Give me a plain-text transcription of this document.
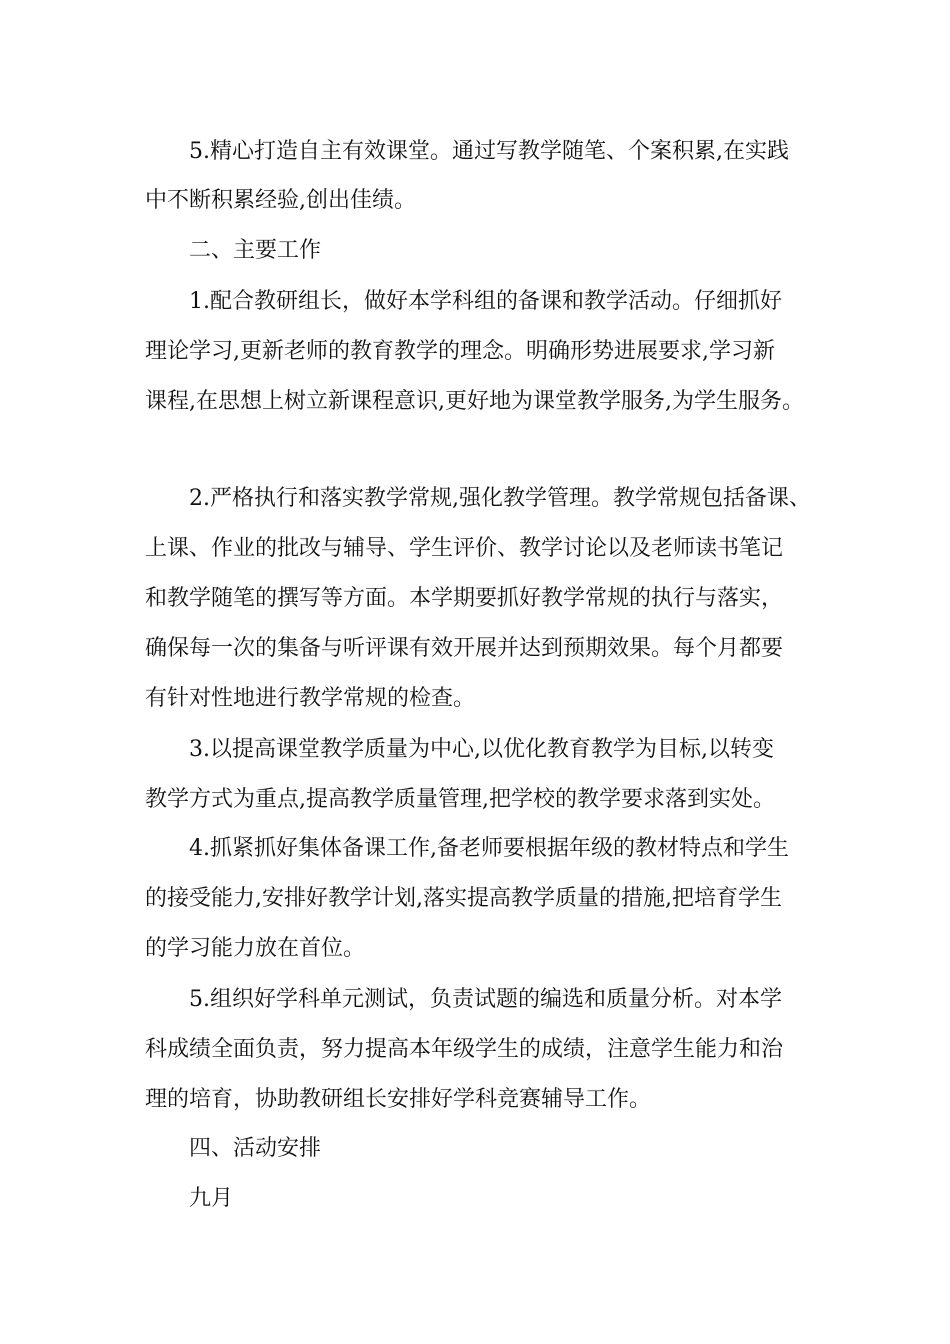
5.精心打造自主有效课堂。通过写教学随笔、个案积累,在实践
中不断积累经验,创出佳绩。
二、主要工作
1.配合教研组长，做好本学科组的备课和教学活动。仔细抓好
理论学习,更新老师的教育教学的理念。明确形势进展要求,学习新
课程,在思想上树立新课程意识,更好地为课堂教学服务,为学生服务。
2.严格执行和落实教学常规,强化教学管理。教学常规包括备课、
上课、作业的批改与辅导、学生评价、教学讨论以及老师读书笔记
和教学随笔的撰写等方面。本学期要抓好教学常规的执行与落实，
确保每一次的集备与听评课有效开展并达到预期效果。每个月都要
有针对性地进行教学常规的检查。
3.以提高课堂教学质量为中心,以优化教育教学为目标,以转变
教学方式为重点,提高教学质量管理,把学校的教学要求落到实处。
4.抓紧抓好集体备课工作,备老师要根据年级的教材特点和学生
的接受能力,安排好教学计划,落实提高教学质量的措施,把培育学生
的学习能力放在首位。
5.组织好学科单元测试，负责试题的编选和质量分析。对本学
科成绩全面负责，努力提高本年级学生的成绩，注意学生能力和治
理的培育，协助教研组长安排好学科竞赛辅导工作。
四、活动安排
九月
